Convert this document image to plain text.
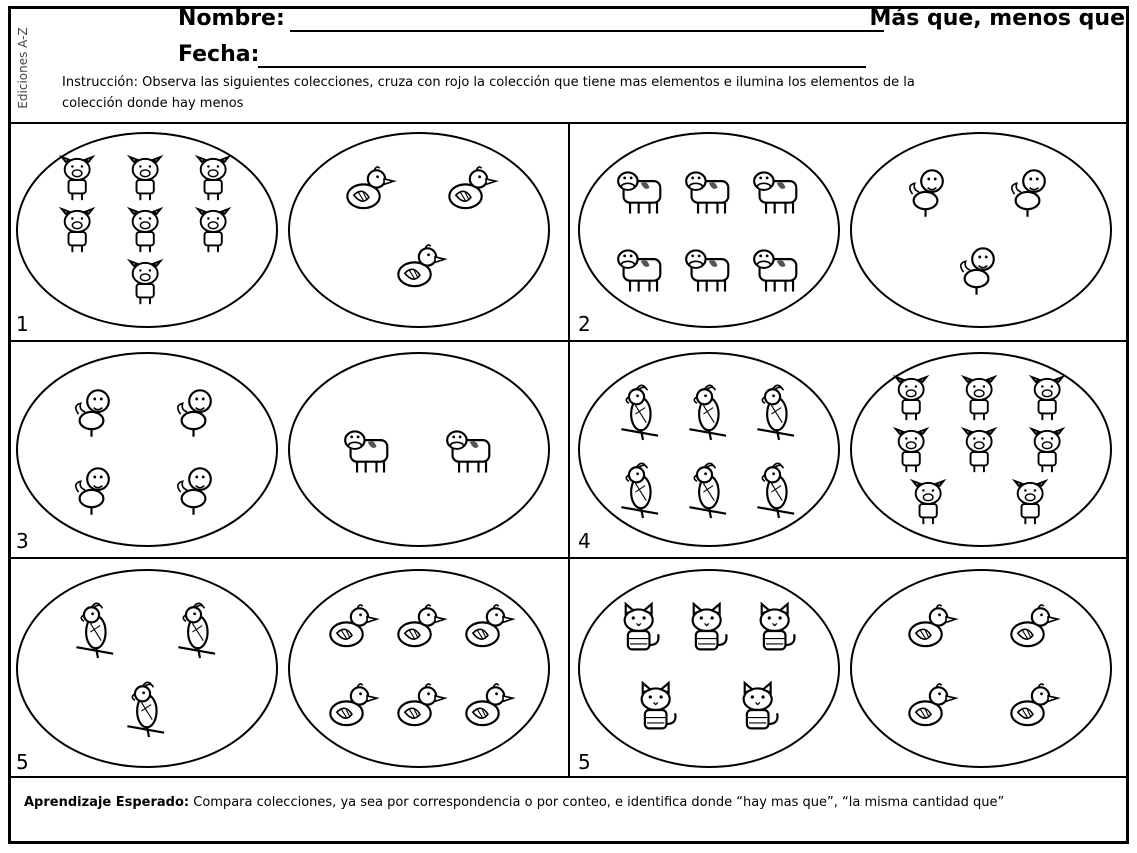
Ediciones A-Z
Nombre:	Más que, menos que
Fecha:
Instrucción: Observa las siguientes colecciones, cruza con rojo la colección que tiene mas elementos e ilumina los elementos de la colección donde hay menos
1	2
3	4
5	5
Aprendizaje Esperado: Compara colecciones, ya sea por correspondencia o por conteo, e identifica donde “hay mas que”, “la misma cantidad que”
